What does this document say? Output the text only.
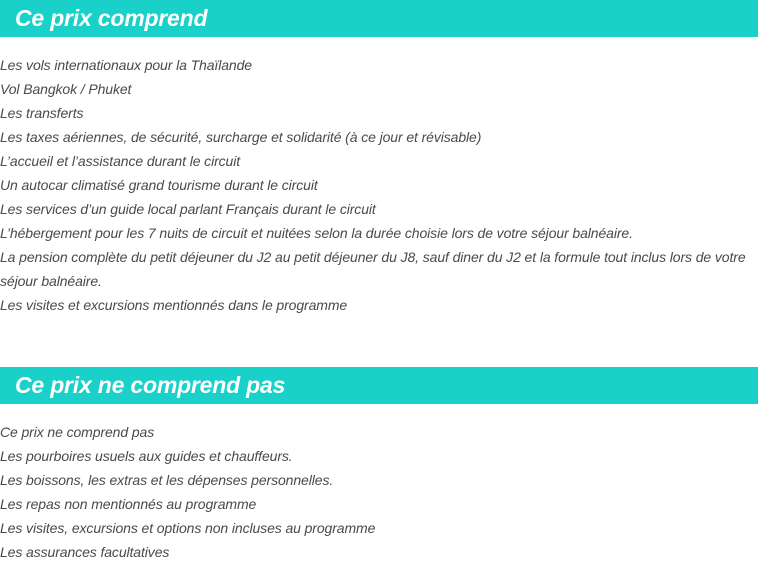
Ce prix comprend
Les vols internationaux pour la Thaïlande
Vol Bangkok / Phuket
Les transferts
Les taxes aériennes, de sécurité, surcharge et solidarité (à ce jour et révisable)
L’accueil et l’assistance durant le circuit
Un autocar climatisé grand tourisme durant le circuit
Les services d’un guide local parlant Français durant le circuit
L’hébergement pour les 7 nuits de circuit et nuitées selon la durée choisie lors de votre séjour balnéaire.
La pension complète du petit déjeuner du J2 au petit déjeuner du J8, sauf diner du J2 et la formule tout inclus lors de votre séjour balnéaire.
Les visites et excursions mentionnés dans le programme
Ce prix ne comprend pas
Ce prix ne comprend pas
Les pourboires usuels aux guides et chauffeurs.
Les boissons, les extras et les dépenses personnelles.
Les repas non mentionnés au programme
Les visites, excursions et options non incluses au programme
Les assurances facultatives
